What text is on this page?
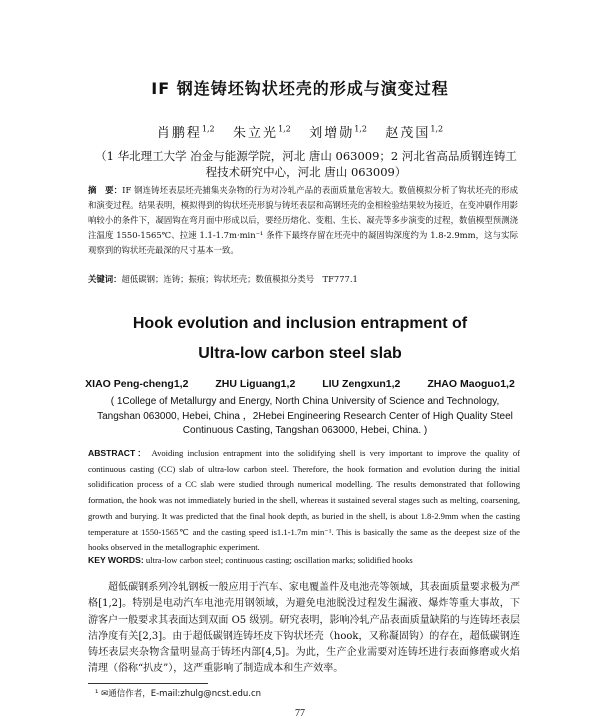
IF 钢连铸坯钩状坯壳的形成与演变过程
肖鹏程$^{1,2}$ 朱立光$^{1,2}$ 刘增勋$^{1,2}$ 赵茂国$^{1,2}$
（1 华北理工大学 冶金与能源学院，河北 唐山 063009；2 河北省高品质钢连铸工程技术研究中心，河北 唐山 063009）
摘　要：IF 钢连铸坯表层坯壳捕集夹杂物的行为对冷轧产品的表面质量危害较大。数值模拟分析了钩状坯壳的形成和演变过程。结果表明，模拟得到的钩状坯壳形貌与铸坯表层和高钢坯壳的金相检验结果较为接近，在变冲刷作用影响较小的条件下，凝固钩在弯月面中形成以后，要经历熔化、变粗、生长、凝壳等多步演变的过程，数值模型预测浇注温度 1550-1565℃、拉速 1.1-1.7m·min⁻¹ 条件下最终存留在坯壳中的凝固钩深度约为 1.8-2.9mm，这与实际观察到的钩状坯壳最深的尺寸基本一致。
关键词：超低碳钢；连铸；振痕；钩状坯壳；数值模拟分类号　TF777.1
Hook evolution and inclusion entrapment of
Ultra-low carbon steel slab
XIAO Peng-cheng1,2	ZHU Liguang1,2	LIU Zengxun1,2	ZHAO Maoguo1,2
( 1College of Metallurgy and Energy, North China University of Science and Technology,
Tangshan 063000, Hebei, China ，2Hebei Engineering Research Center of High Quality Steel
Continuous Casting, Tangshan 063000, Hebei, China. )
ABSTRACT： Avoiding inclusion entrapment into the solidifying shell is very important to improve the quality of continuous casting (CC) slab of ultra-low carbon steel. Therefore, the hook formation and evolution during the initial solidification process of a CC slab were studied through numerical modelling. The results demonstrated that following formation, the hook was not immediately buried in the shell, whereas it sustained several stages such as melting, coarsening, growth and burying. It was predicted that the final hook depth, as buried in the shell, is about 1.8-2.9mm when the casting temperature at 1550-1565℃ and the casting speed is1.1-1.7m min⁻¹. This is basically the same as the deepest size of the hooks observed in the metallographic experiment.
KEY WORDS: ultra-low carbon steel; continuous casting; oscillation marks; solidified hooks
超低碳钢系列冷轧钢板一般应用于汽车、家电覆盖件及电池壳等领域，其表面质量要求极为严格[1,2]。特别是电动汽车电池壳用钢领域，为避免电池脱没过程发生漏液、爆炸等重大事故，下游客户一般要求其表面达到双面 O5 级别。研究表明，影响冷轧产品表面质量缺陷的与连铸坯表层洁净度有关[2,3]。由于超低碳钢连铸坯皮下钩状坯壳（hook，又称凝固钩）的存在，超低碳钢连铸坯表层夹杂物含量明显高于铸坯内部[4,5]。为此，生产企业需要对连铸坯进行表面修磨或火焰清理（俗称“扒皮”），这严重影响了制造成本和生产效率。
¹ ✉通信作者，E-mail:zhulg@ncst.edu.cn
77
